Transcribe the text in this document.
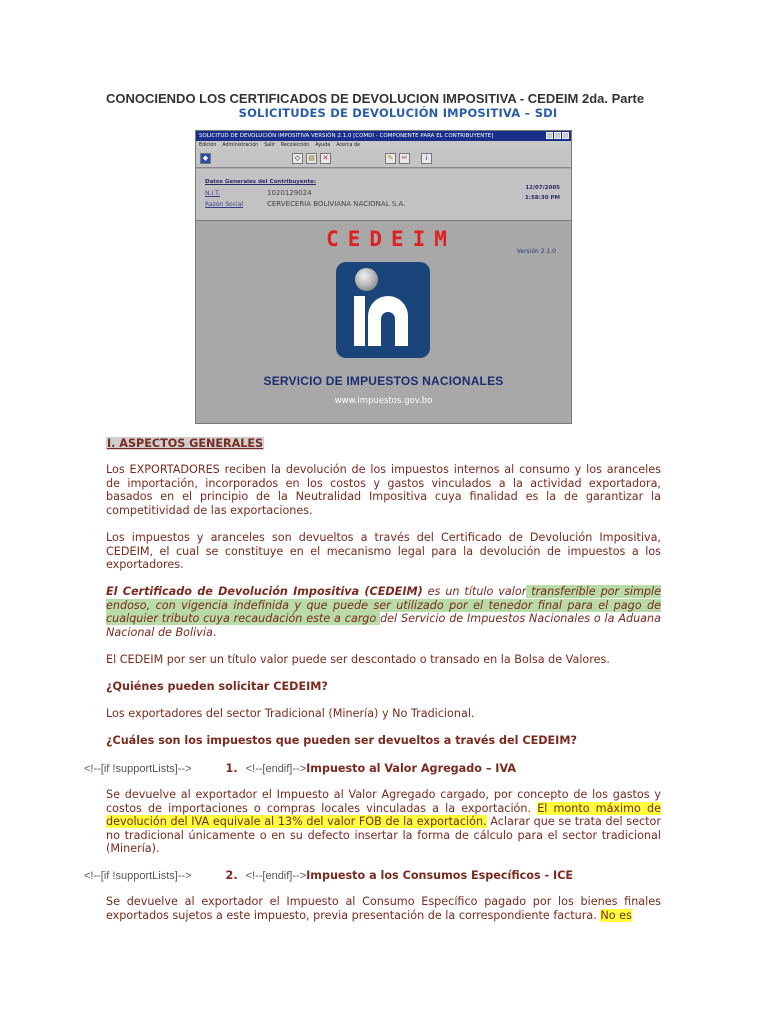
CONOCIENDO LOS CERTIFICADOS DE DEVOLUCION IMPOSITIVA - CEDEIM 2da. Parte
SOLICITUDES DE DEVOLUCIÓN IMPOSITIVA – SDI
SOLICITUD DE DEVOLUCIÓN IMPOSITIVA VERSIÓN 2.1.0 [COMDI - COMPONENTE PARA EL CONTRIBUYENTE]
Edición Administración Salir Recolección Ayuda Acerca de
◆	◇	▤	✕	✎	✂	i
Datos Generales del Contribuyente:
N.I.T.	1020129024
Razón Social	CERVECERIA BOLIVIANA NACIONAL S.A.
12/07/2005
1:58:30 PM
CEDEIM
Versión 2.1.0
SERVICIO DE IMPUESTOS NACIONALES
www.impuestos.gov.bo
I. ASPECTOS GENERALES
Los EXPORTADORES reciben la devolución de los impuestos internos al consumo y los aranceles de importación, incorporados en los costos y gastos vinculados a la actividad exportadora, basados en el principio de la Neutralidad Impositiva cuya finalidad es la de garantizar la competitividad de las exportaciones.
Los impuestos y aranceles son devueltos a través del Certificado de Devolución Impositiva, CEDEIM, el cual se constituye en el mecanismo legal para la devolución de impuestos a los exportadores.
El Certificado de Devolución Impositiva (CEDEIM) es un título valor transferible por simple endoso, con vigencia indefinida y que puede ser utilizado por el tenedor final para el pago de cualquier tributo cuya recaudación este a cargo del Servicio de Impuestos Nacionales o la Aduana Nacional de Bolivia.
El CEDEIM por ser un título valor puede ser descontado o transado en la Bolsa de Valores.
¿Quiénes pueden solicitar CEDEIM?
Los exportadores del sector Tradicional (Minería) y No Tradicional.
¿Cuáles son los impuestos que pueden ser devueltos a través del CEDEIM?
<!--[if !supportLists]-->	1. <!--[endif]-->Impuesto al Valor Agregado – IVA
Se devuelve al exportador el Impuesto al Valor Agregado cargado, por concepto de los gastos y costos de importaciones o compras locales vinculadas a la exportación. El monto máximo de devolución del IVA equivale al 13% del valor FOB de la exportación. Aclarar que se trata del sector no tradicional únicamente o en su defecto insertar la forma de cálculo para el sector tradicional (Minería).
<!--[if !supportLists]-->	2. <!--[endif]-->Impuesto a los Consumos Específicos - ICE
Se devuelve al exportador el Impuesto al Consumo Específico pagado por los bienes finales exportados sujetos a este impuesto, previa presentación de la correspondiente factura. No es
